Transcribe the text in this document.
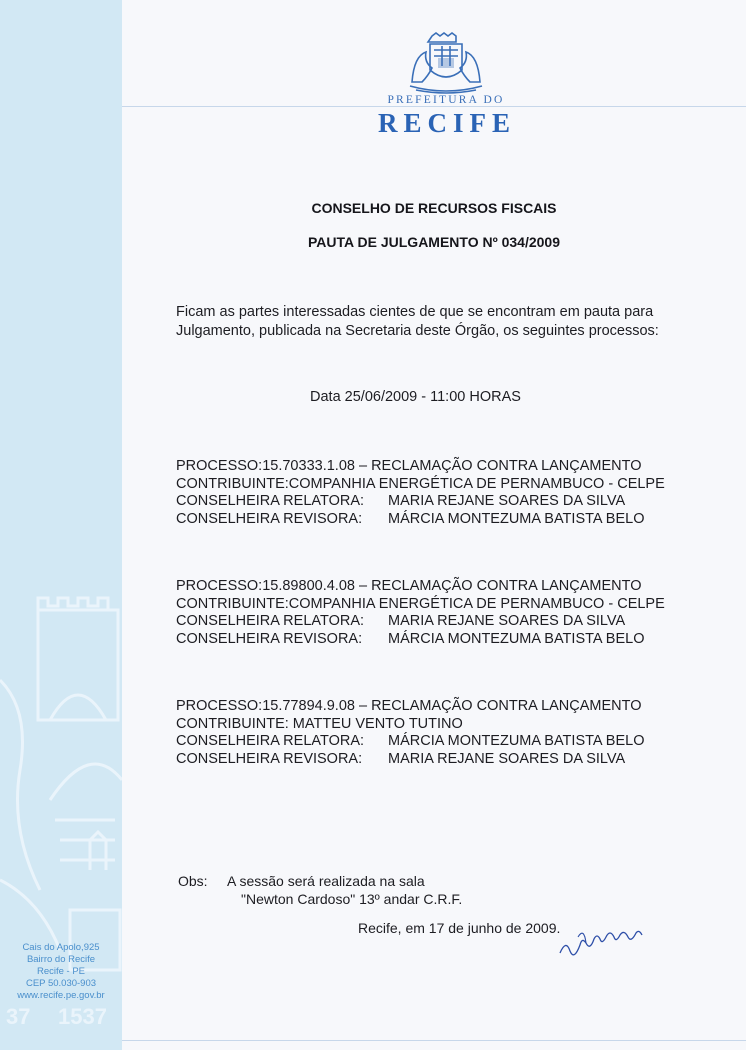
Cais do Apolo,925
Bairro do Recife
Recife - PE
CEP 50.030-903
www.recife.pe.gov.br
37 1537
PREFEITURA DO
RECIFE
CONSELHO DE RECURSOS FISCAIS
PAUTA DE JULGAMENTO Nº 034/2009
Ficam as partes interessadas cientes de que se encontram em pauta para
Julgamento, publicada na Secretaria deste Órgão, os seguintes processos:
Data 25/06/2009 - 11:00 HORAS
PROCESSO:15.70333.1.08 – RECLAMAÇÃO CONTRA LANÇAMENTO
CONTRIBUINTE:COMPANHIA ENERGÉTICA DE PERNAMBUCO - CELPE
CONSELHEIRA RELATORA: MARIA REJANE SOARES DA SILVA
CONSELHEIRA REVISORA: MÁRCIA MONTEZUMA BATISTA BELO
PROCESSO:15.89800.4.08 – RECLAMAÇÃO CONTRA LANÇAMENTO
CONTRIBUINTE:COMPANHIA ENERGÉTICA DE PERNAMBUCO - CELPE
CONSELHEIRA RELATORA: MARIA REJANE SOARES DA SILVA
CONSELHEIRA REVISORA: MÁRCIA MONTEZUMA BATISTA BELO
PROCESSO:15.77894.9.08 – RECLAMAÇÃO CONTRA LANÇAMENTO
CONTRIBUINTE: MATTEU VENTO TUTINO
CONSELHEIRA RELATORA: MÁRCIA MONTEZUMA BATISTA BELO
CONSELHEIRA REVISORA: MARIA REJANE SOARES DA SILVA
Obs: A sessão será realizada na sala
"Newton Cardoso" 13º andar C.R.F.
Recife, em 17 de junho de 2009.
